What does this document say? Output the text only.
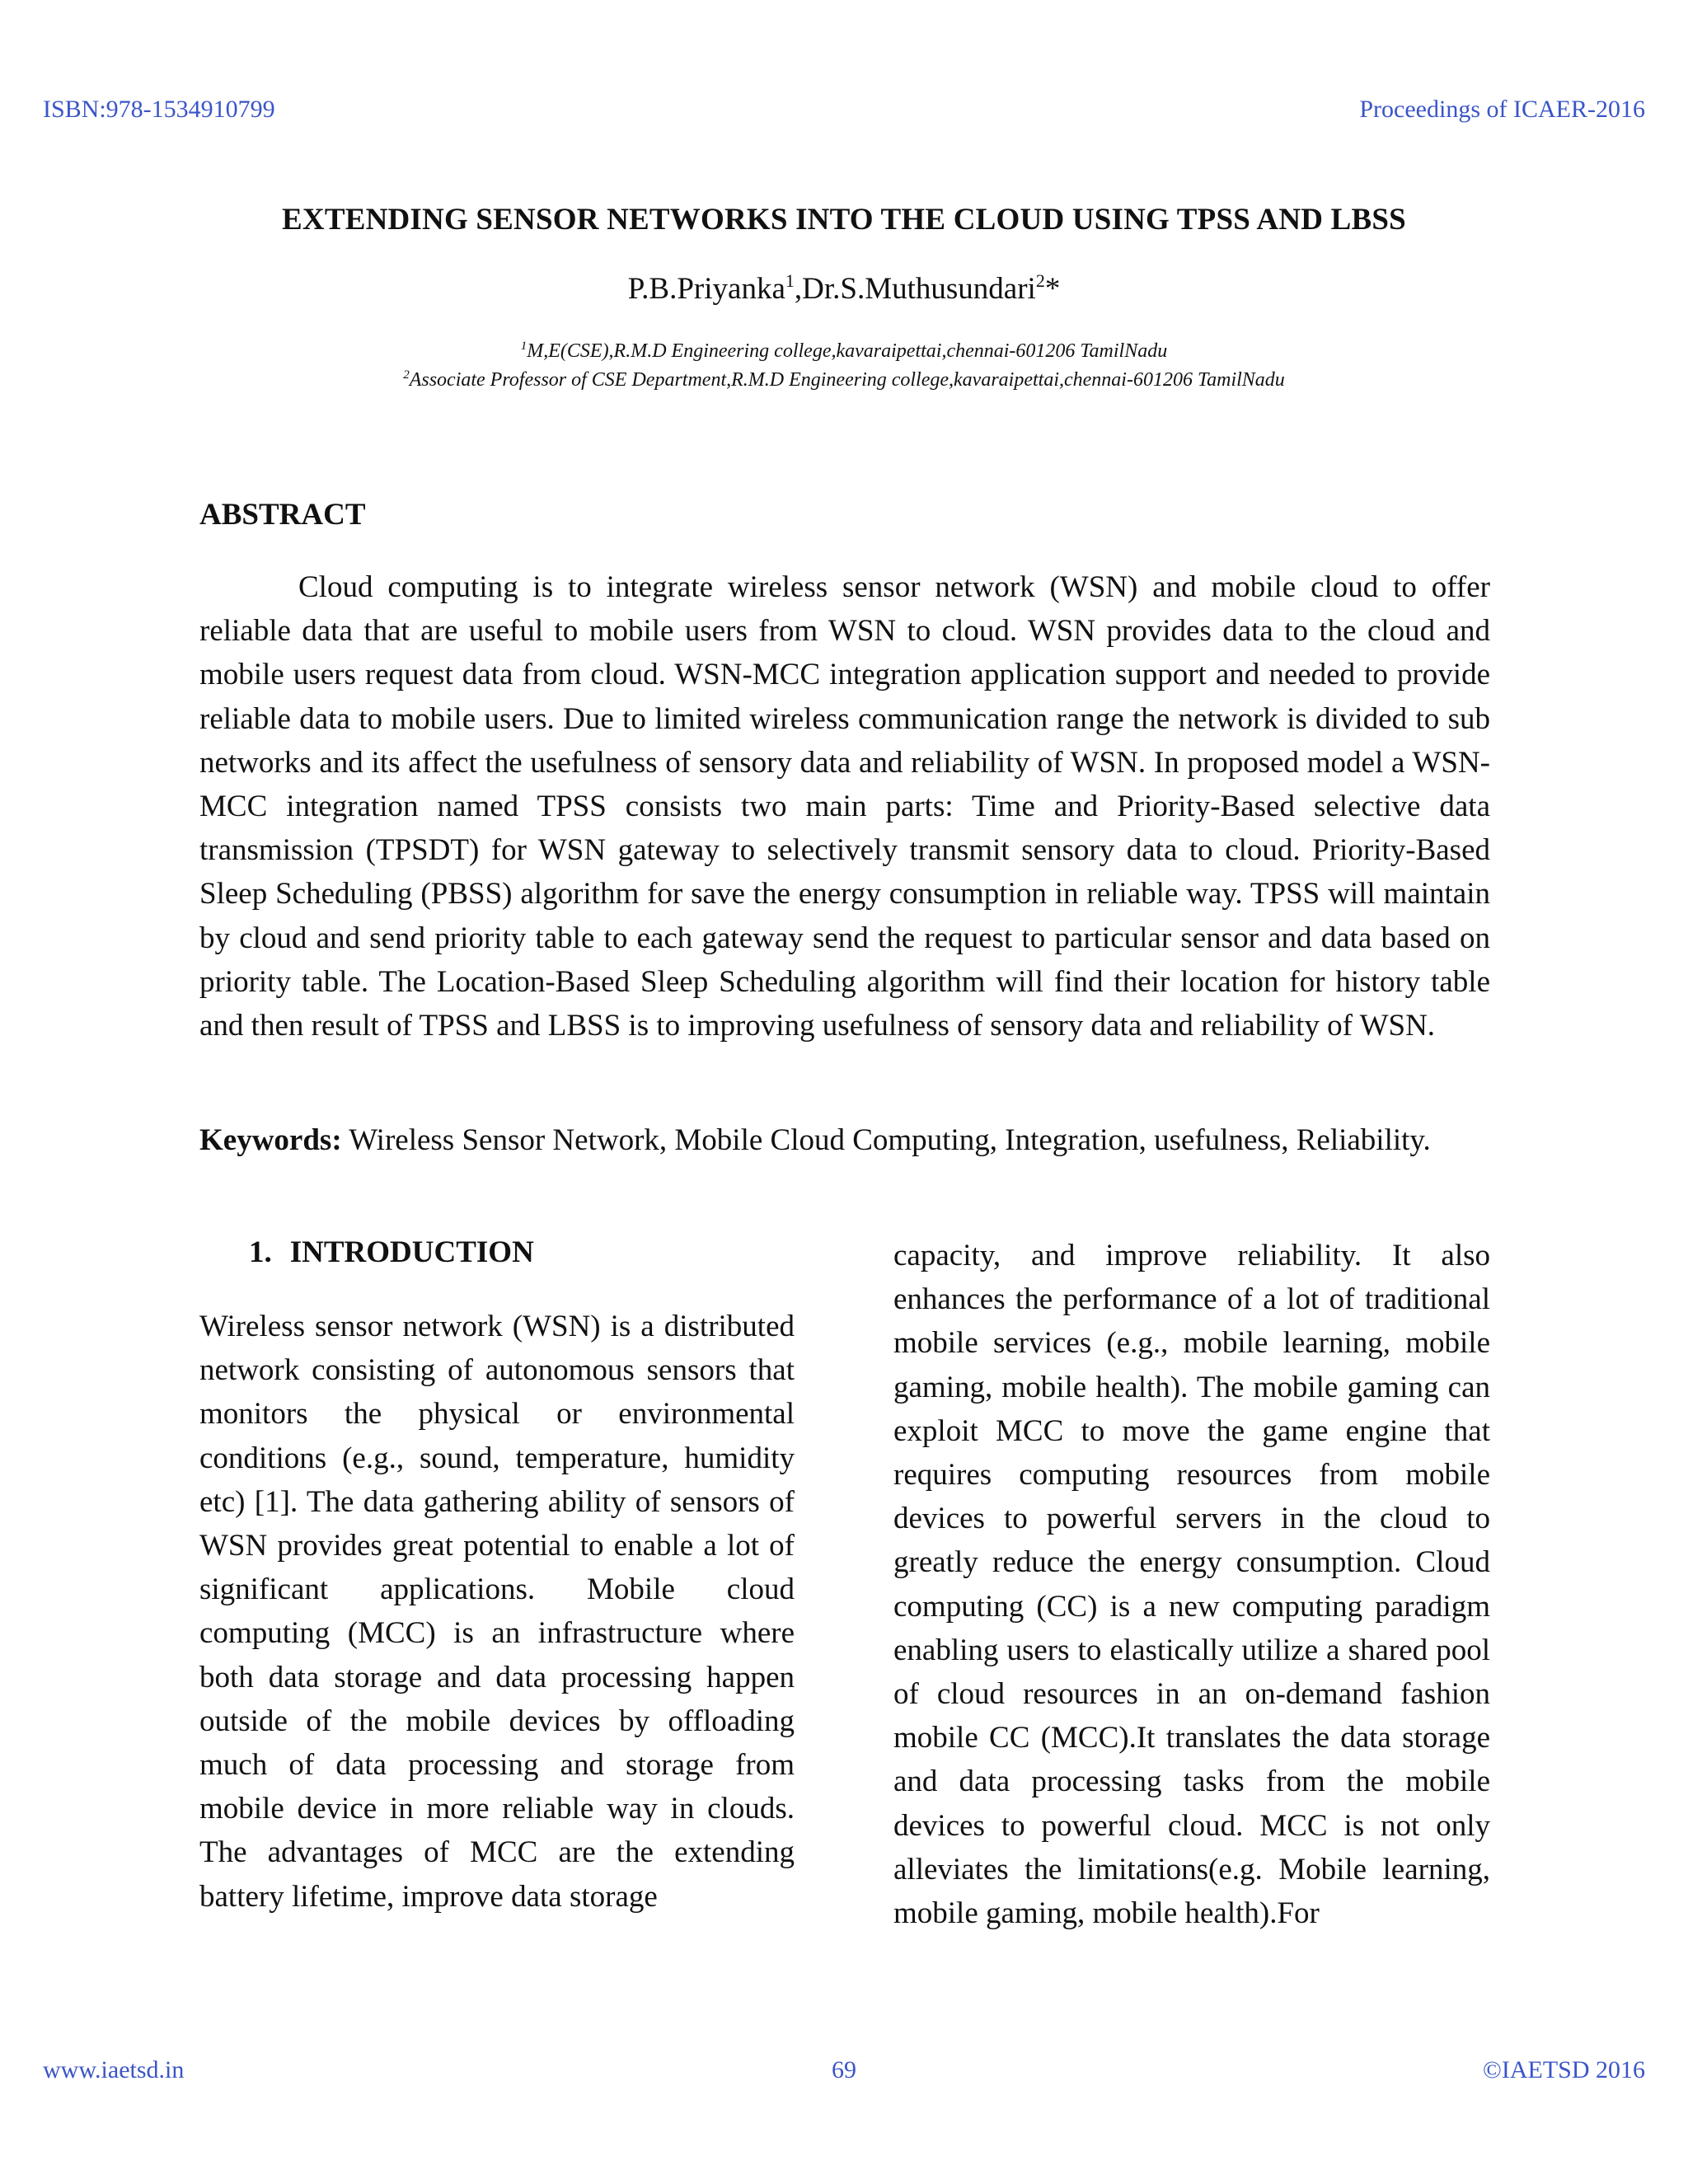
ISBN:978-1534910799	Proceedings of ICAER-2016
EXTENDING SENSOR NETWORKS INTO THE CLOUD USING TPSS AND LBSS
P.B.Priyanka$^1$,Dr.S.Muthusundari$^2$*
$^1$M,E(CSE),R.M.D Engineering college,kavaraipettai,chennai-601206 TamilNadu
$^2$Associate Professor of CSE Department,R.M.D Engineering college,kavaraipettai,chennai-601206 TamilNadu
ABSTRACT

Cloud computing is to integrate wireless sensor network (WSN) and mobile cloud to offer reliable data that are useful to mobile users from WSN to cloud. WSN provides data to the cloud and mobile users request data from cloud. WSN-MCC integration application support and needed to provide reliable data to mobile users. Due to limited wireless communication range the network is divided to sub networks and its affect the usefulness of sensory data and reliability of WSN. In proposed model a WSN-MCC integration named TPSS consists two main parts: Time and Priority-Based selective data transmission (TPSDT) for WSN gateway to selectively transmit sensory data to cloud. Priority-Based Sleep Scheduling (PBSS) algorithm for save the energy consumption in reliable way. TPSS will maintain by cloud and send priority table to each gateway send the request to particular sensor and data based on priority table. The Location-Based Sleep Scheduling algorithm will find their location for history table and then result of TPSS and LBSS is to improving usefulness of sensory data and reliability of WSN.

Keywords: Wireless Sensor Network, Mobile Cloud Computing, Integration, usefulness, Reliability.

1. INTRODUCTION

Wireless sensor network (WSN) is a distributed network consisting of autonomous sensors that monitors the physical or environmental conditions (e.g., sound, temperature, humidity etc) [1]. The data gathering ability of sensors of WSN provides great potential to enable a lot of significant applications. Mobile cloud computing (MCC) is an infrastructure where both data storage and data processing happen outside of the mobile devices by offloading much of data processing and storage from mobile device in more reliable way in clouds. The advantages of MCC are the extending battery lifetime, improve data storage

capacity, and improve reliability. It also enhances the performance of a lot of traditional mobile services (e.g., mobile learning, mobile gaming, mobile health). The mobile gaming can exploit MCC to move the game engine that requires computing resources from mobile devices to powerful servers in the cloud to greatly reduce the energy consumption. Cloud computing (CC) is a new computing paradigm enabling users to elastically utilize a shared pool of cloud resources in an on-demand fashion mobile CC (MCC).It translates the data storage and data processing tasks from the mobile devices to powerful cloud. MCC is not only alleviates the limitations(e.g. Mobile learning, mobile gaming, mobile health).For

www.iaetsd.in	69	©IAETSD 2016
